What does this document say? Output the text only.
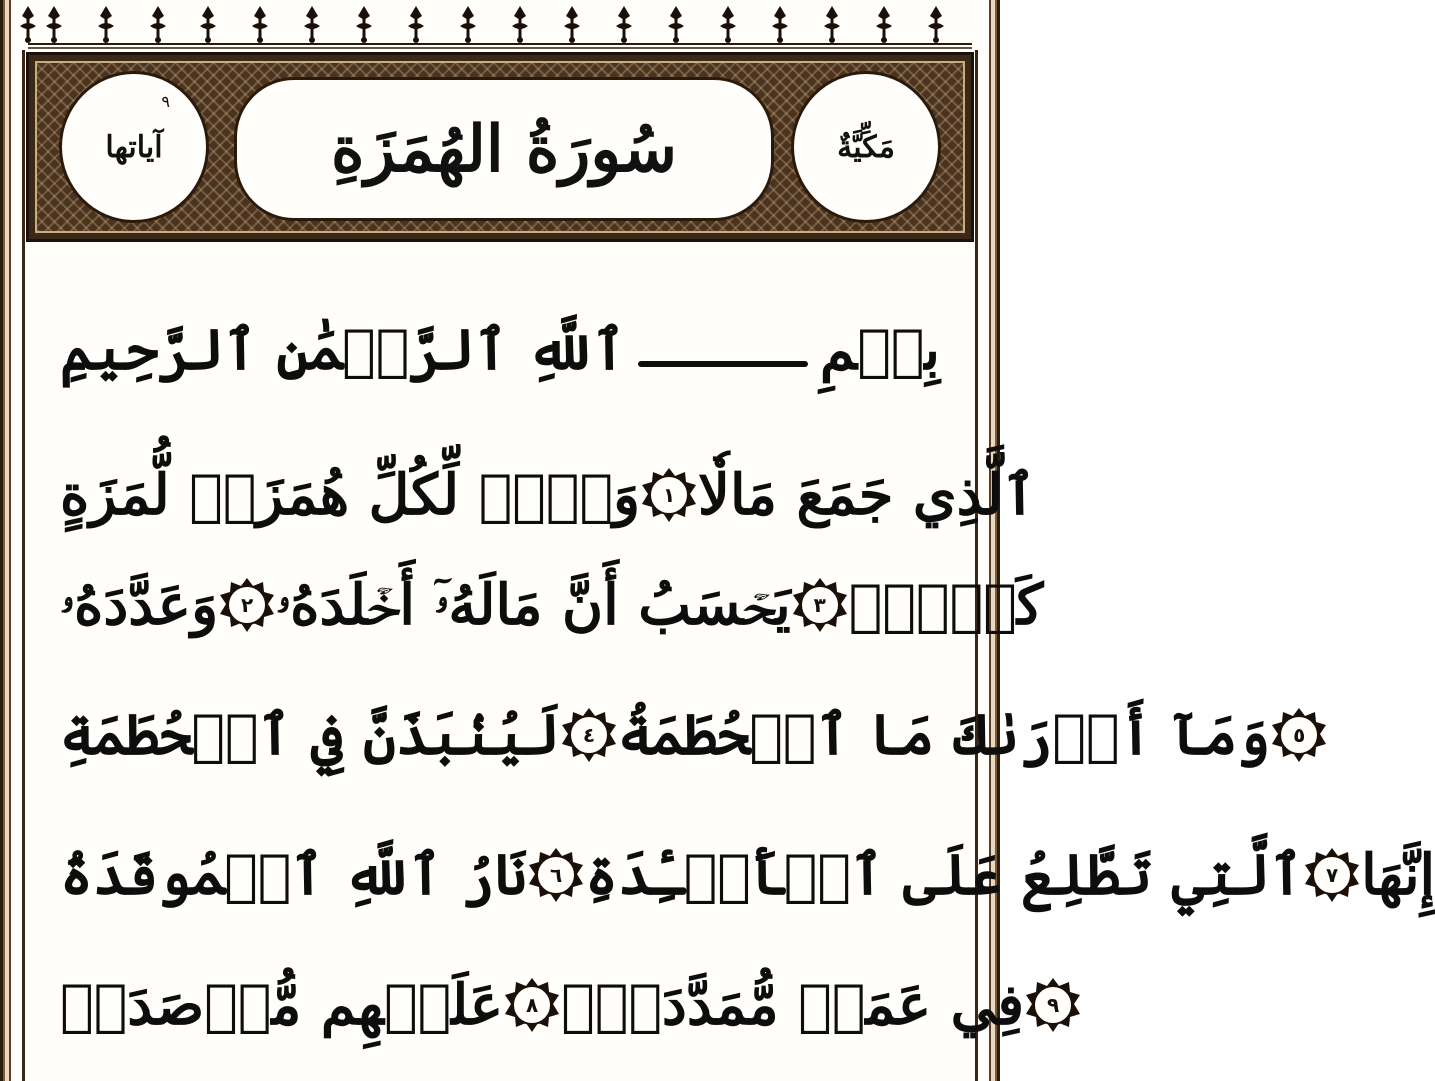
٩
آياتها	سُورَةُ الهُمَزَةِ	مَكِّيَّةٌ
بِسۡمِ
ٱللَّهِ ٱلرَّحۡمَٰنِ ٱلرَّحِيمِ
وَيۡلٞ لِّكُلِّ هُمَزَةٖ لُّمَزَةٍ ١ ٱلَّذِي جَمَعَ مَالٗا
وَعَدَّدَهُۥ ٢ يَحۡسَبُ أَنَّ مَالَهُۥٓ أَخۡلَدَهُۥ ٣ كَلَّاۖ
لَيُنۢبَذَنَّ فِي ٱلۡحُطَمَةِ ٤ وَمَآ أَدۡرَىٰكَ مَا ٱلۡحُطَمَةُ ٥
نَارُ ٱللَّهِ ٱلۡمُوقَدَةُ ٦ ٱلَّتِي تَطَّلِعُ عَلَى ٱلۡأَفۡـِٔدَةِ ٧ إِنَّهَا
عَلَيۡهِم مُّؤۡصَدَةٞ ٨ فِي عَمَدٖ مُّمَدَّدَةِۭ ٩
